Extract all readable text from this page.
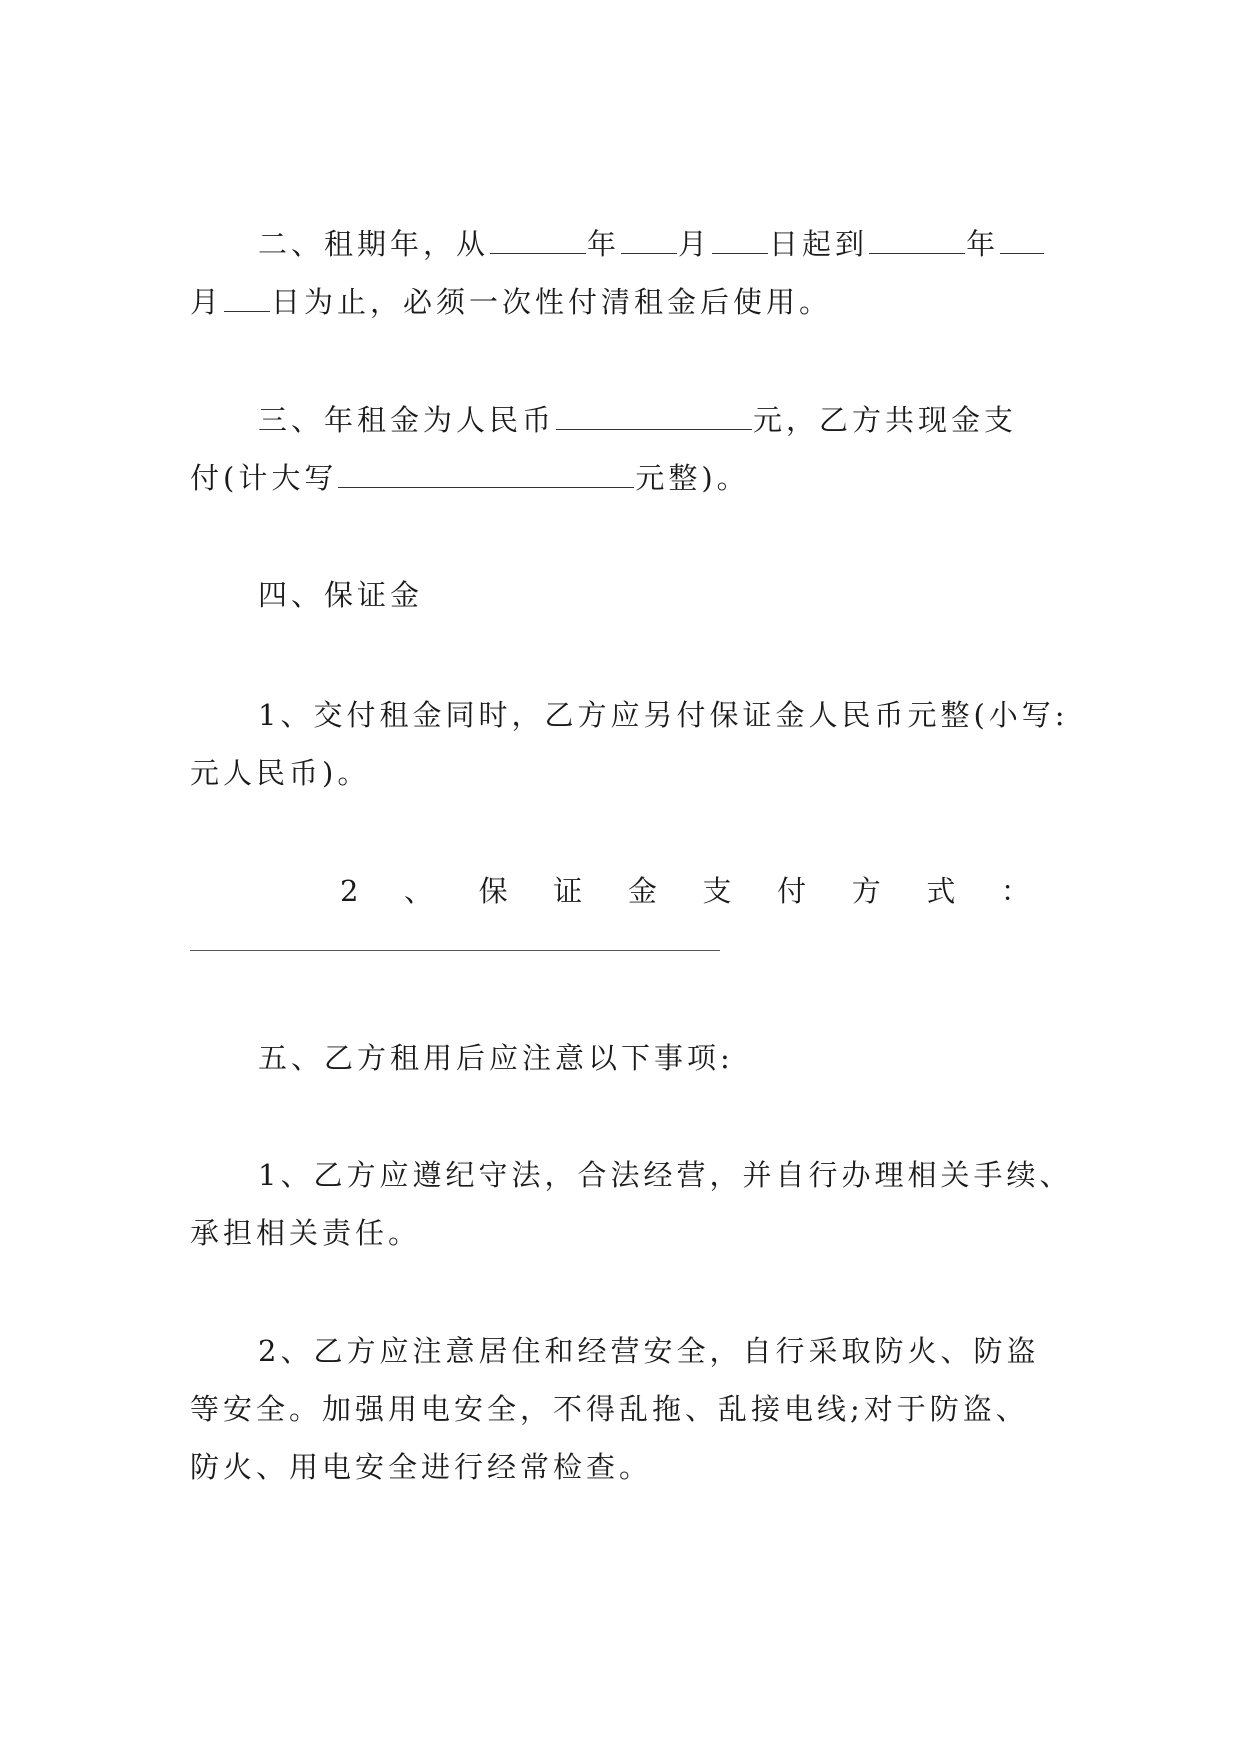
二、租期年，从	年 月 日起到	年
月 日为止，必须一次性付清租金后使用。
三、年租金为人民币	元，乙方共现金支
付(计大写	元整)。
四、保证金
1、交付租金同时，乙方应另付保证金人民币元整(小写:
元人民币)。
2 、 保 证 金 支 付 方 式 ：
五、乙方租用后应注意以下事项:
1、乙方应遵纪守法，合法经营，并自行办理相关手续、
承担相关责任。
2、乙方应注意居住和经营安全，自行采取防火、防盗
等安全。加强用电安全，不得乱拖、乱接电线;对于防盗、
防火、用电安全进行经常检查。
